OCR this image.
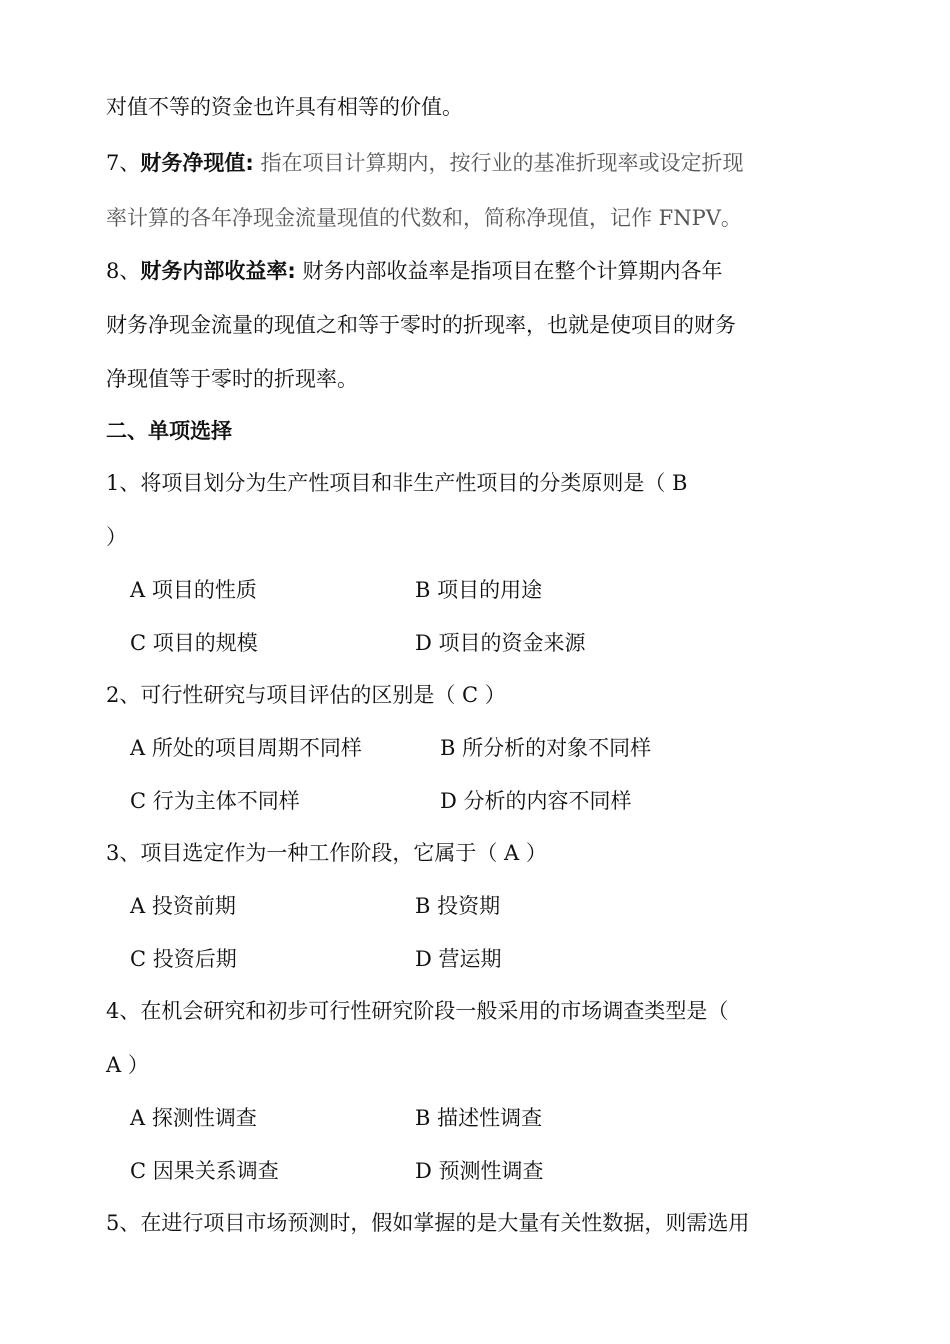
对值不等的资金也许具有相等的价值。
7、财务净现值: 指在项目计算期内，按行业的基准折现率或设定折现
率计算的各年净现金流量现值的代数和，简称净现值，记作 FNPV。
8、财务内部收益率: 财务内部收益率是指项目在整个计算期内各年
财务净现金流量的现值之和等于零时的折现率，也就是使项目的财务
净现值等于零时的折现率。
二、单项选择
1、将项目划分为生产性项目和非生产性项目的分类原则是（ B
）
A 项目的性质	B 项目的用途
C 项目的规模	D 项目的资金来源
2、可行性研究与项目评估的区别是（ C ）
A 所处的项目周期不同样	B 所分析的对象不同样
C 行为主体不同样	D 分析的内容不同样
3、项目选定作为一种工作阶段，它属于（ A ）
A 投资前期	B 投资期
C 投资后期	D 营运期
4、在机会研究和初步可行性研究阶段一般采用的市场调查类型是（
A ）
A 探测性调查	B 描述性调查
C 因果关系调查	D 预测性调查
5、在进行项目市场预测时，假如掌握的是大量有关性数据，则需选用
